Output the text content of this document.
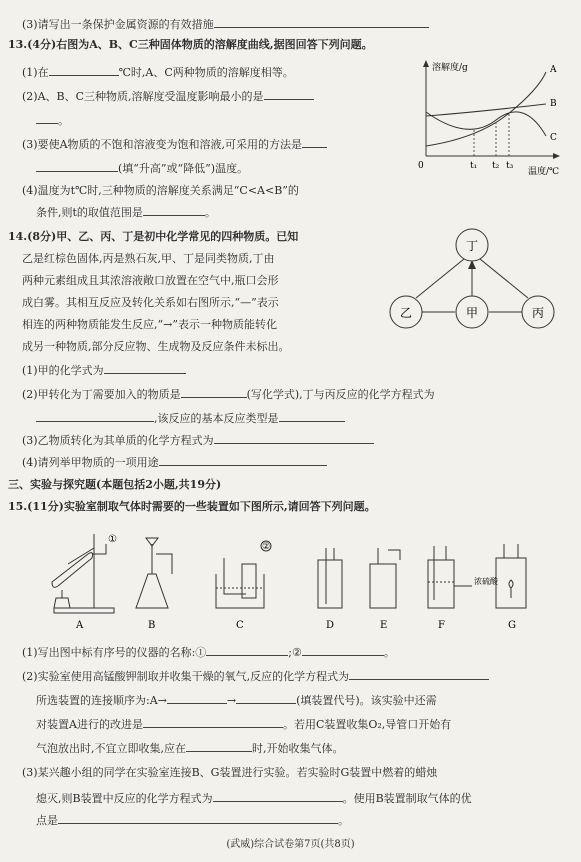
(3)请写出一条保护金属资源的有效措施
13.(4分)右图为A、B、C三种固体物质的溶解度曲线,据图回答下列问题。
(1)在	℃时,A、C两种物质的溶解度相等。
(2)A、B、C三种物质,溶解度受温度影响最小的是
。
(3)要使A物质的不饱和溶液变为饱和溶液,可采用的方法是
(填“升高”或“降低”)温度。
(4)温度为t℃时,三种物质的溶解度关系满足“C<A<B”的
条件,则t的取值范围是	。
溶解度/g
温度/℃
0	t₁ t₂ t₃
A
B
C
14.(8分)甲、乙、丙、丁是初中化学常见的四种物质。已知
乙是红棕色固体,丙是熟石灰,甲、丁是同类物质,丁由
两种元素组成且其浓溶液敞口放置在空气中,瓶口会形
成白雾。其相互反应及转化关系如右图所示,“—”表示
相连的两种物质能发生反应,“→”表示一种物质能转化
成另一种物质,部分反应物、生成物及反应条件未标出。
丁
乙	甲	丙
(1)甲的化学式为
(2)甲转化为丁需要加入的物质是	(写化学式),丁与丙反应的化学方程式为
,该反应的基本反应类型是
(3)乙物质转化为其单质的化学方程式为
(4)请列举甲物质的一项用途
三、实验与探究题(本题包括2小题,共19分)
15.(11分)实验室制取气体时需要的一些装置如下图所示,请回答下列问题。
①
②
浓硫酸
A	B	C	D	E	F	G
(1)写出图中标有序号的仪器的名称:①	;②	。
(2)实验室使用高锰酸钾制取并收集干燥的氧气,反应的化学方程式为
所选装置的连接顺序为:A→	→	(填装置代号)。该实验中还需
对装置A进行的改进是	。若用C装置收集O₂,导管口开始有
气泡放出时,不宜立即收集,应在	时,开始收集气体。
(3)某兴趣小组的同学在实验室连接B、G装置进行实验。若实验时G装置中燃着的蜡烛
熄灭,则B装置中反应的化学方程式为	。使用B装置制取气体的优
点是	。
(武威)综合试卷第7页(共8页)
